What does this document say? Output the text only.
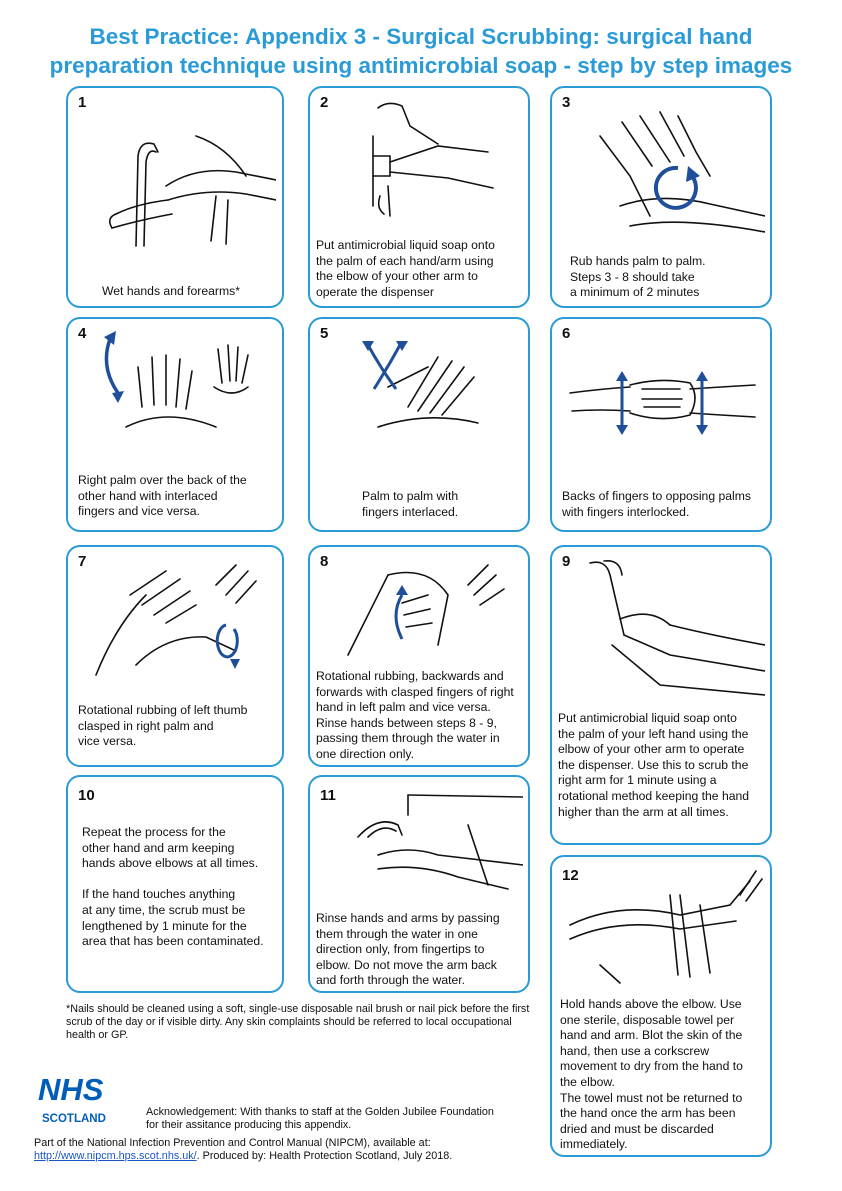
Best Practice: Appendix 3 - Surgical Scrubbing: surgical hand
preparation technique using antimicrobial soap - step by step images
1

Wet hands and forearms*

2

Put antimicrobial liquid soap onto
the palm of each hand/arm using
the elbow of your other arm to
operate the dispenser

3

Rub hands palm to palm.
Steps 3 - 8 should take
a minimum of 2 minutes

4

Right palm over the back of the
other hand with interlaced
fingers and vice versa.

5

Palm to palm with
fingers interlaced.

6

Backs of fingers to opposing palms
with fingers interlocked.

7

Rotational rubbing of left thumb
clasped in right palm and
vice versa.

8

Rotational rubbing, backwards and
forwards with clasped fingers of right
hand in left palm and vice versa.
Rinse hands between steps 8 - 9,
passing them through the water in
one direction only.

9

Put antimicrobial liquid soap onto
the palm of your left hand using the
elbow of your other arm to operate
the dispenser. Use this to scrub the
right arm for 1 minute using a
rotational method keeping the hand
higher than the arm at all times.

10

Repeat the process for the
other hand and arm keeping
hands above elbows at all times.
If the hand touches anything
at any time, the scrub must be
lengthened by 1 minute for the
area that has been contaminated.

11

Rinse hands and arms by passing
them through the water in one
direction only, from fingertips to
elbow. Do not move the arm back
and forth through the water.

12

Hold hands above the elbow. Use
one sterile, disposable towel per
hand and arm. Blot the skin of the
hand, then use a corkscrew
movement to dry from the hand to
the elbow.
The towel must not be returned to
the hand once the arm has been
dried and must be discarded
immediately.

*Nails should be cleaned using a soft, single-use disposable nail brush or nail pick before the first scrub of the day or if visible dirty. Any skin complaints should be referred to local occupational health or GP.

NHS
SCOTLAND

Acknowledgement: With thanks to staff at the Golden Jubilee Foundation
for their assitance producing this appendix.

Part of the National Infection Prevention and Control Manual (NIPCM), available at:
http://www.nipcm.hps.scot.nhs.uk/. Produced by: Health Protection Scotland, July 2018.
